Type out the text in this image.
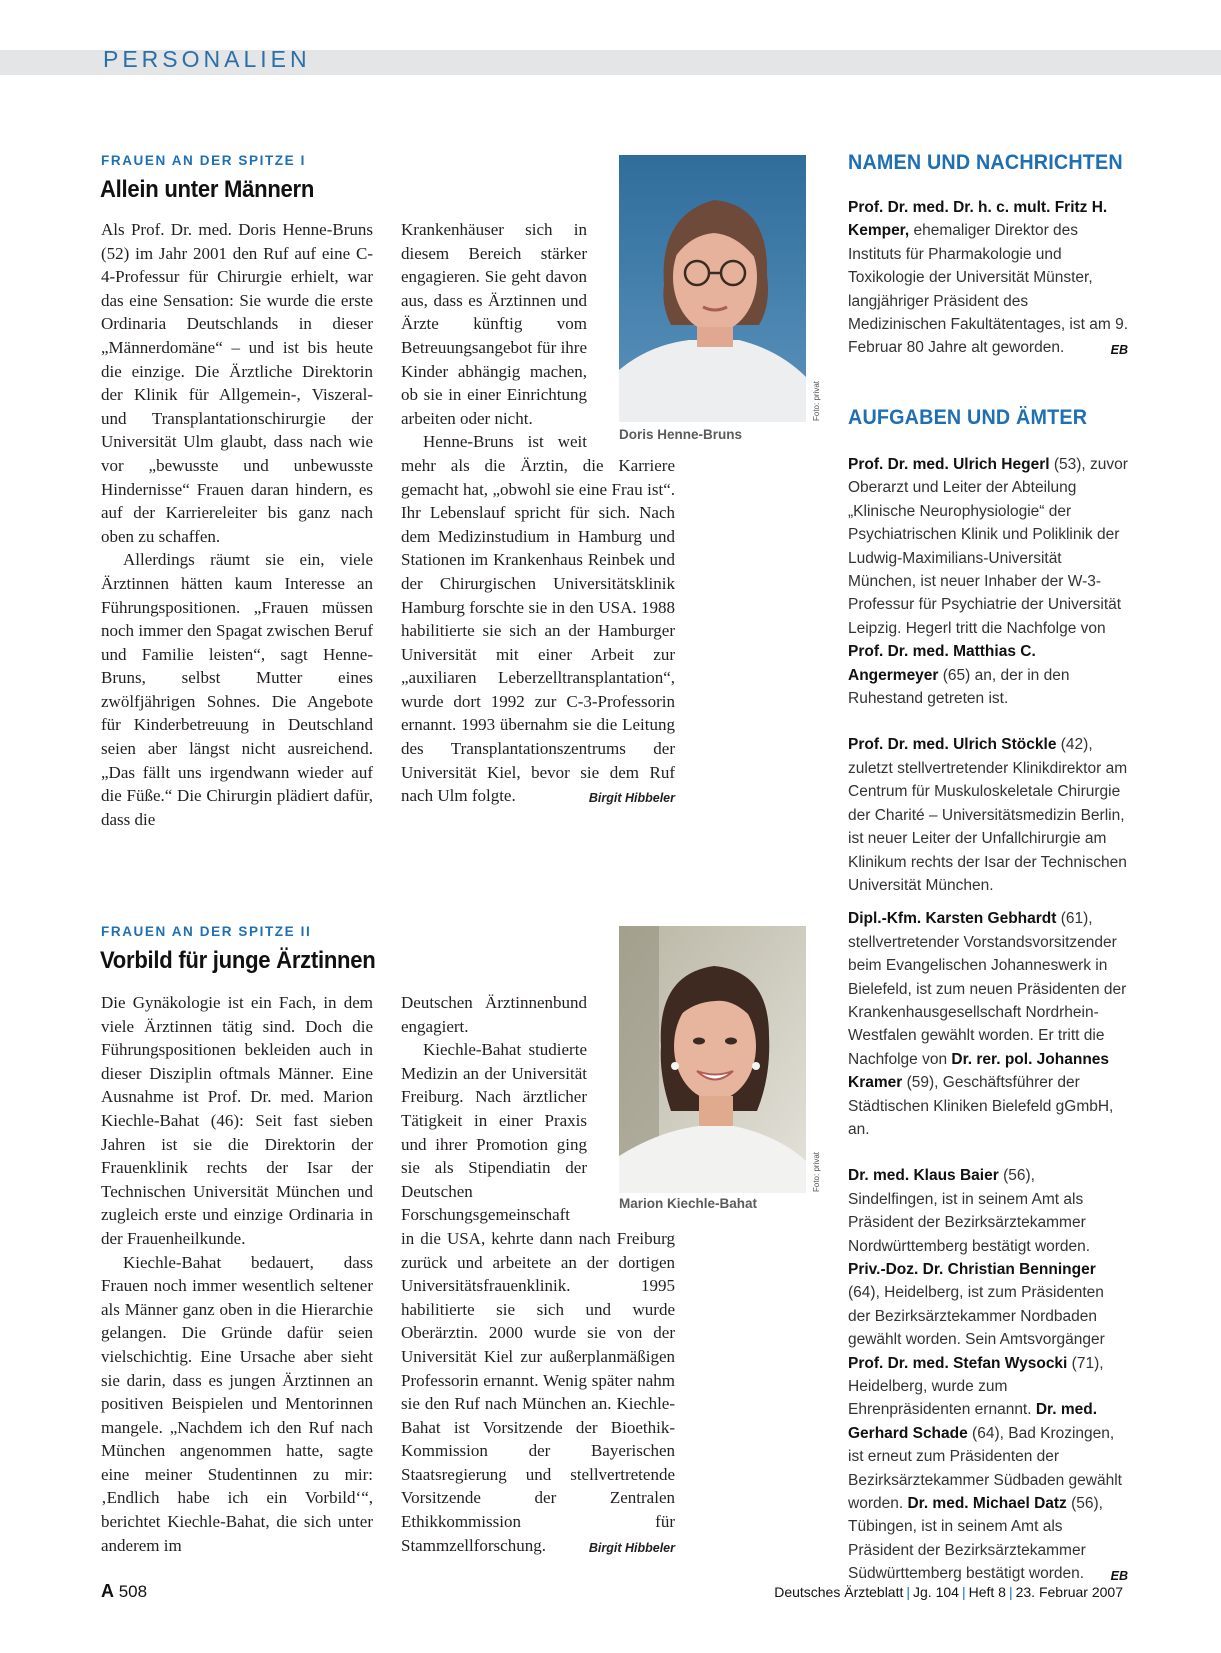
PERSONALIEN
FRAUEN AN DER SPITZE I
Allein unter Männern

Als Prof. Dr. med. Doris Henne-Bruns (52) im Jahr 2001 den Ruf auf eine C-4-Professur für Chirurgie erhielt, war das eine Sensation: Sie wurde die erste Ordinaria Deutschlands in dieser „Männerdomäne“ – und ist bis heute die einzige. Die Ärztliche Direktorin der Klinik für Allgemein-, Viszeral- und Transplantationschirurgie der Universität Ulm glaubt, dass nach wie vor „bewusste und unbewusste Hindernisse“ Frauen daran hindern, es auf der Karriereleiter bis ganz nach oben zu schaffen.

Allerdings räumt sie ein, viele Ärztinnen hätten kaum Interesse an Führungspositionen. „Frauen müssen noch immer den Spagat zwischen Beruf und Familie leisten“, sagt Henne-Bruns, selbst Mutter eines zwölfjährigen Sohnes. Die Angebote für Kinderbetreuung in Deutschland seien aber längst nicht ausreichend. „Das fällt uns irgendwann wieder auf die Füße.“ Die Chirurgin plädiert dafür, dass die

Krankenhäuser sich in diesem Bereich stärker engagieren. Sie geht davon aus, dass es Ärztinnen und Ärzte künftig vom Betreuungsangebot für ihre Kinder abhängig machen, ob sie in einer Einrichtung arbeiten oder nicht.

Henne-Bruns ist weit mehr als die Ärztin, die Karriere gemacht hat, „obwohl sie eine Frau ist“. Ihr Lebenslauf spricht für sich. Nach dem Medizinstudium in Hamburg und Stationen im Krankenhaus Reinbek und der Chirurgischen Universitätsklinik Hamburg forschte sie in den USA. 1988 habilitierte sie sich an der Hamburger Universität mit einer Arbeit zur „auxiliaren Leberzelltransplantation“, wurde dort 1992 zur C-3-Professorin ernannt. 1993 übernahm sie die Leitung des Transplantationszentrums der Universität Kiel, bevor sie dem Ruf nach Ulm folgte.	Birgit Hibbeler

Doris Henne-Bruns
Foto: privat
NAMEN UND NACHRICHTEN

Prof. Dr. med. Dr. h. c. mult. Fritz H. Kemper, ehemaliger Direktor des Instituts für Pharmakologie und Toxikologie der Universität Münster, langjähriger Präsident des Medizinischen Fakultätentages, ist am 9. Februar 80 Jahre alt geworden.	EB

AUFGABEN UND ÄMTER

Prof. Dr. med. Ulrich Hegerl (53), zuvor Oberarzt und Leiter der Abteilung „Klinische Neurophysiologie“ der Psychiatrischen Klinik und Poliklinik der Ludwig-Maximilians-Universität München, ist neuer Inhaber der W-3-Professur für Psychiatrie der Universität Leipzig. Hegerl tritt die Nachfolge von Prof. Dr. med. Matthias C. Angermeyer (65) an, der in den Ruhestand getreten ist.

Prof. Dr. med. Ulrich Stöckle (42), zuletzt stellvertretender Klinikdirektor am Centrum für Muskuloskeletale Chirurgie der Charité – Universitätsmedizin Berlin, ist neuer Leiter der Unfallchirurgie am Klinikum rechts der Isar der Technischen Universität München.

Dipl.-Kfm. Karsten Gebhardt (61), stellvertretender Vorstandsvorsitzender beim Evangelischen Johanneswerk in Bielefeld, ist zum neuen Präsidenten der Krankenhausgesellschaft Nordrhein-Westfalen gewählt worden. Er tritt die Nachfolge von Dr. rer. pol. Johannes Kramer (59), Geschäftsführer der Städtischen Kliniken Bielefeld gGmbH, an.

Dr. med. Klaus Baier (56), Sindelfingen, ist in seinem Amt als Präsident der Bezirksärztekammer Nordwürttemberg bestätigt worden. Priv.-Doz. Dr. Christian Benninger (64), Heidelberg, ist zum Präsidenten der Bezirksärztekammer Nordbaden gewählt worden. Sein Amtsvorgänger Prof. Dr. med. Stefan Wysocki (71), Heidelberg, wurde zum Ehrenpräsidenten ernannt. Dr. med. Gerhard Schade (64), Bad Krozingen, ist erneut zum Präsidenten der Bezirksärztekammer Südbaden gewählt worden. Dr. med. Michael Datz (56), Tübingen, ist in seinem Amt als Präsident der Bezirksärztekammer Südwürttemberg bestätigt worden. EB

FRAUEN AN DER SPITZE II
Vorbild für junge Ärztinnen

Die Gynäkologie ist ein Fach, in dem viele Ärztinnen tätig sind. Doch die Führungspositionen bekleiden auch in dieser Disziplin oftmals Männer. Eine Ausnahme ist Prof. Dr. med. Marion Kiechle-Bahat (46): Seit fast sieben Jahren ist sie die Direktorin der Frauenklinik rechts der Isar der Technischen Universität München und zugleich erste und einzige Ordinaria in der Frauenheilkunde.

Kiechle-Bahat bedauert, dass Frauen noch immer wesentlich seltener als Männer ganz oben in die Hierarchie gelangen. Die Gründe dafür seien vielschichtig. Eine Ursache aber sieht sie darin, dass es jungen Ärztinnen an positiven Beispielen und Mentorinnen mangele. „Nachdem ich den Ruf nach München angenommen hatte, sagte eine meiner Studentinnen zu mir: ‚Endlich habe ich ein Vorbild‘“, berichtet Kiechle-Bahat, die sich unter anderem im

Deutschen Ärztinnenbund engagiert.

Kiechle-Bahat studierte Medizin an der Universität Freiburg. Nach ärztlicher Tätigkeit in einer Praxis und ihrer Promotion ging sie als Stipendiatin der Deutschen Forschungsgemeinschaft in die USA, kehrte dann nach Freiburg zurück und arbeitete an der dortigen Universitätsfrauenklinik. 1995 habilitierte sie sich und wurde Oberärztin. 2000 wurde sie von der Universität Kiel zur außerplanmäßigen Professorin ernannt. Wenig später nahm sie den Ruf nach München an. Kiechle-Bahat ist Vorsitzende der Bioethik-Kommission der Bayerischen Staatsregierung und stellvertretende Vorsitzende der Zentralen Ethikkommission für Stammzellforschung.	Birgit Hibbeler

Marion Kiechle-Bahat
Foto: privat
A 508	Deutsches Ärzteblatt | Jg. 104 | Heft 8 | 23. Februar 2007
